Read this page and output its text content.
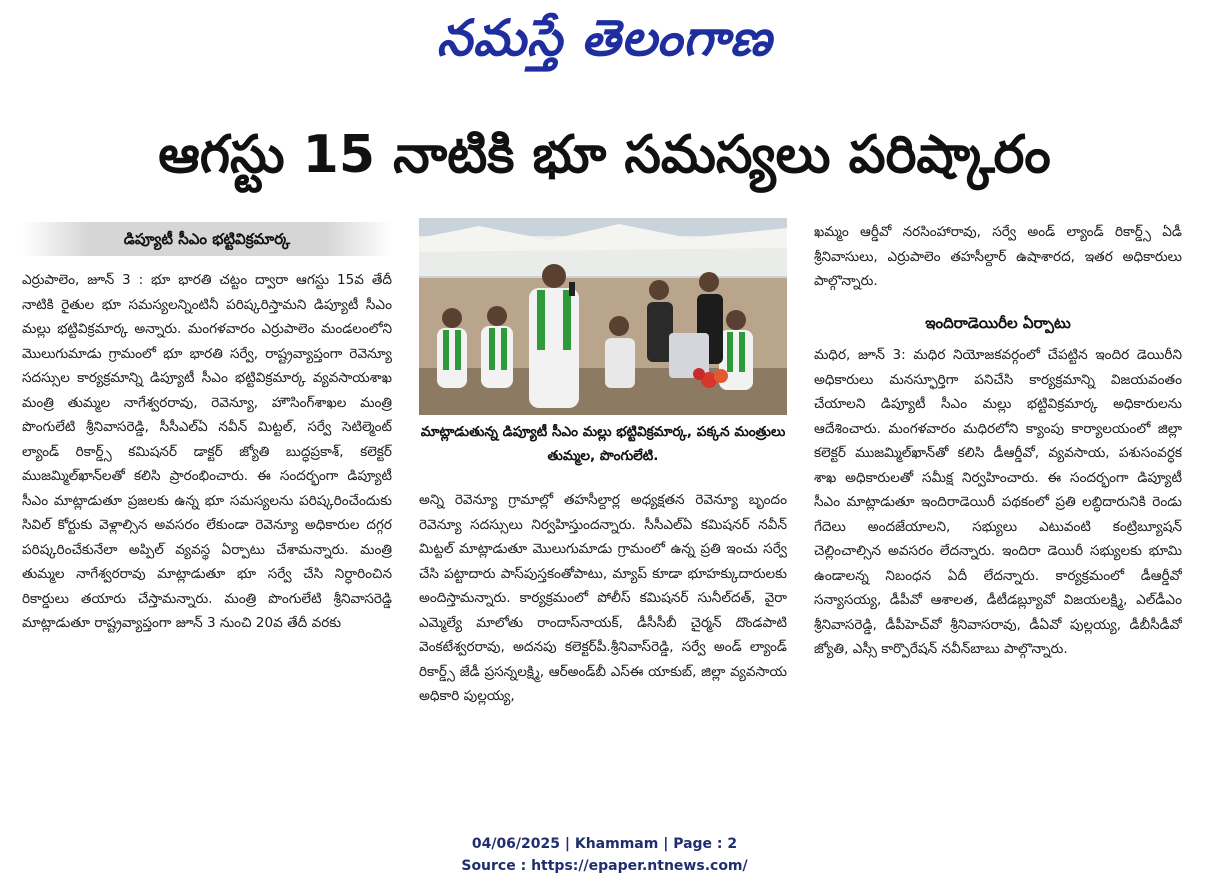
నమస్తే తెలంగాణ
ఆగస్టు 15 నాటికి భూ సమస్యలు పరిష్కారం
డిప్యూటీ సీఎం భట్టివిక్రమార్క

ఎర్రుపాలెం, జూన్ 3 : భూ భారతి చట్టం ద్వారా ఆగస్టు 15వ తేదీ నాటికి రైతుల భూ సమస్యలన్నింటినీ పరిష్కరిస్తామని డిప్యూటీ సీఎం మల్లు భట్టివిక్రమార్క అన్నారు. మంగళవారం ఎర్రుపాలెం మండలంలోని మొలుగుమాడు గ్రామంలో భూ భారతి సర్వే, రాష్ట్రవ్యాప్తంగా రెవెన్యూ సదస్సుల కార్యక్రమాన్ని డిప్యూటీ సీఎం భట్టివిక్రమార్క వ్యవసాయశాఖ మంత్రి తుమ్మల నాగేశ్వరరావు, రెవెన్యూ, హౌసింగ్‌శాఖల మంత్రి పొంగులేటి శ్రీనివాసరెడ్డి, సీసీఎల్ఏ నవీన్ మిట్టల్, సర్వే సెటిల్మెంట్ ల్యాండ్ రికార్డ్స్ కమిషనర్ డాక్టర్ జ్యోతి బుద్ధప్రకాశ్, కలెక్టర్ ముజమ్మిల్‌ఖాన్‌లతో కలిసి ప్రారంభించారు. ఈ సందర్భంగా డిప్యూటీ సీఎం మాట్లాడుతూ ప్రజలకు ఉన్న భూ సమస్యలను పరిష్కరించేందుకు సివిల్ కోర్టుకు వెళ్లాల్సిన అవసరం లేకుండా రెవెన్యూ అధికారుల దగ్గర పరిష్కరించేకునేలా అప్పిల్ వ్యవస్థ ఏర్పాటు చేశామన్నారు. మంత్రి తుమ్మల నాగేశ్వరరావు మాట్లాడుతూ భూ సర్వే చేసి నిర్ధారించిన రికార్డులు తయారు చేస్తామన్నారు. మంత్రి పొంగులేటి శ్రీనివాసరెడ్డి మాట్లాడుతూ రాష్ట్రవ్యాప్తంగా జూన్ 3 నుంచి 20వ తేదీ వరకు

మాట్లాడుతున్న డిప్యూటీ సీఎం మల్లు భట్టివిక్రమార్క, పక్కన మంత్రులు తుమ్మల, పొంగులేటి.

అన్ని రెవెన్యూ గ్రామాల్లో తహసీల్దార్ల అధ్యక్షతన రెవెన్యూ బృందం రెవెన్యూ సదస్సులు నిర్వహిస్తుందన్నారు. సీసీఎల్ఏ కమిషనర్ నవీన్ మిట్టల్ మాట్లాడుతూ మొలుగుమాడు గ్రామంలో ఉన్న ప్రతి ఇంచు సర్వే చేసి పట్టాదారు పాస్‌పుస్తకంతోపాటు, మ్యాప్ కూడా భూహక్కుదారులకు అందిస్తామన్నారు. కార్యక్రమంలో పోలీస్ కమిషనర్ సునీల్‌దత్, వైరా ఎమ్మెల్యే మాలోతు రాందాస్‌నాయక్, డీసీసీబీ చైర్మన్ దొండపాటి వెంకటేశ్వరరావు, అదనపు కలెక్టర్‌పీ.శ్రీనివాస్‌రెడ్డి, సర్వే అండ్ ల్యాండ్ రికార్డ్స్ జేడీ ప్రసన్నలక్ష్మి, ఆర్అండ్‌బీ ఎస్ఈ యాకుబ్, జిల్లా వ్యవసాయ అధికారి పుల్లయ్య,

ఖమ్మం ఆర్డీవో నరసింహారావు, సర్వే అండ్ ల్యాండ్ రికార్డ్స్ ఏడీ శ్రీనివాసులు, ఎర్రుపాలెం తహసీల్దార్ ఉషాశారద, ఇతర అధికారులు పాల్గొన్నారు.

ఇందిరాడెయిరీల ఏర్పాటు

మధిర, జూన్ 3: మధిర నియోజకవర్గంలో చేపట్టిన ఇందిర డెయిరీని అధికారులు మనస్ఫూర్తిగా పనిచేసి కార్యక్రమాన్ని విజయవంతం చేయాలని డిప్యూటీ సీఎం మల్లు భట్టివిక్రమార్క అధికారులను ఆదేశించారు. మంగళవారం మధిరలోని క్యాంపు కార్యాలయంలో జిల్లా కలెక్టర్ ముజమ్మిల్‌ఖాన్‌తో కలిసి డీఆర్డీవో, వ్యవసాయ, పశుసంవర్ధక శాఖ అధికారులతో సమీక్ష నిర్వహించారు. ఈ సందర్భంగా డిప్యూటీ సీఎం మాట్లాడుతూ ఇందిరాడెయిరీ పథకంలో ప్రతి లబ్ధిదారునికి రెండు గేదెలు అందజేయాలని, సభ్యులు ఎటువంటి కంట్రిబ్యూషన్ చెల్లించాల్సిన అవసరం లేదన్నారు. ఇందిరా డెయిరీ సభ్యులకు భూమి ఉండాలన్న నిబంధన ఏదీ లేదన్నారు. కార్యక్రమంలో డీఆర్డీవో సన్యాసయ్య, డీపీవో ఆశాలత, డీటీడబ్ల్యూవో విజయలక్ష్మి, ఎల్‌డీఎం శ్రీనివాసరెడ్డి, డీపీహెచ్‌వో శ్రీనివాసరావు, డీఏవో పుల్లయ్య, డీబీసీడీవో జ్యోతి, ఎస్సీ కార్పొరేషన్ నవీన్‌బాబు పాల్గొన్నారు.

04/06/2025 | Khammam | Page : 2
Source : https://epaper.ntnews.com/
